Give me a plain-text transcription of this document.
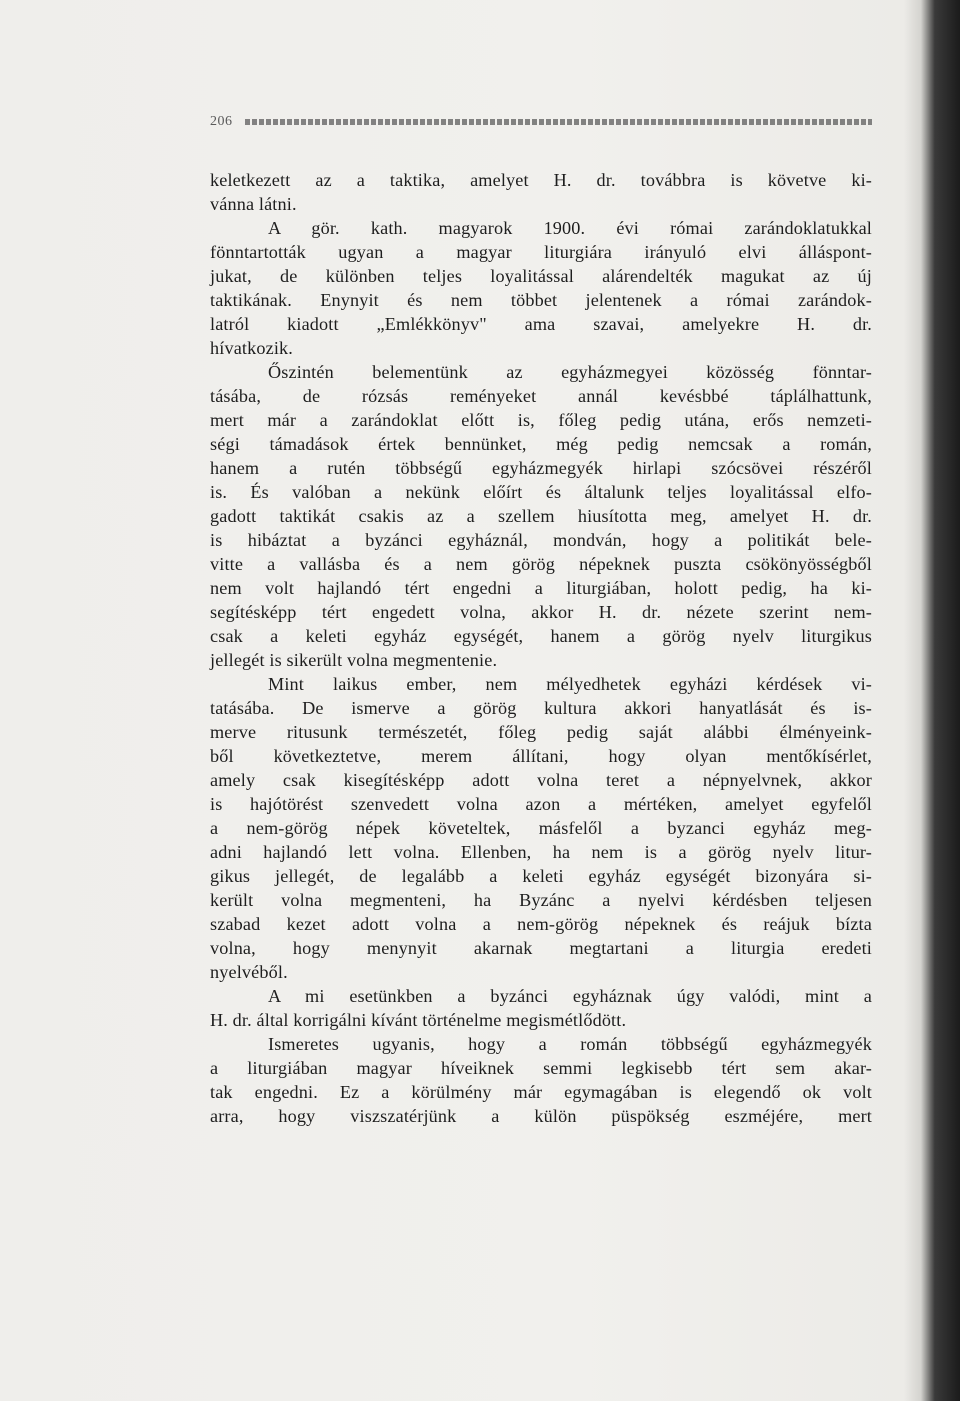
206
keletkezett az a taktika, amelyet H. dr. továbbra is követve ki-
vánna látni.
A gör. kath. magyarok 1900. évi római zarándoklatukkal
fönntartották ugyan a magyar liturgiára irányuló elvi álláspont-
jukat, de különben teljes loyalitással alárendelték magukat az új
taktikának. Enynyit és nem többet jelentenek a római zarándok-
latról kiadott „Emlékkönyv" ama szavai, amelyekre H. dr.
hívatkozik.
Őszintén belementünk az egyházmegyei közösség fönntar-
tásába, de rózsás reményeket annál kevésbbé táplálhattunk,
mert már a zarándoklat előtt is, főleg pedig utána, erős nemzeti-
ségi támadások értek bennünket, még pedig nemcsak a román,
hanem a rutén többségű egyházmegyék hirlapi szócsövei részéről
is. És valóban a nekünk előírt és általunk teljes loyalitással elfo-
gadott taktikát csakis az a szellem hiusította meg, amelyet H. dr.
is hibáztat a byzánci egyháznál, mondván, hogy a politikát bele-
vitte a vallásba és a nem görög népeknek puszta csökönyösségből
nem volt hajlandó tért engedni a liturgiában, holott pedig, ha ki-
segítésképp tért engedett volna, akkor H. dr. nézete szerint nem-
csak a keleti egyház egységét, hanem a görög nyelv liturgikus
jellegét is sikerült volna megmentenie.
Mint laikus ember, nem mélyedhetek egyházi kérdések vi-
tatásába. De ismerve a görög kultura akkori hanyatlását és is-
merve ritusunk természetét, főleg pedig saját alábbi élményeink-
ből következtetve, merem állítani, hogy olyan mentőkísérlet,
amely csak kisegítésképp adott volna teret a népnyelvnek, akkor
is hajótörést szenvedett volna azon a mértéken, amelyet egyfelől
a nem-görög népek követeltek, másfelől a byzanci egyház meg-
adni hajlandó lett volna. Ellenben, ha nem is a görög nyelv litur-
gikus jellegét, de legalább a keleti egyház egységét bizonyára si-
került volna megmenteni, ha Byzánc a nyelvi kérdésben teljesen
szabad kezet adott volna a nem-görög népeknek és reájuk bízta
volna, hogy menynyit akarnak megtartani a liturgia eredeti
nyelvéből.
A mi esetünkben a byzánci egyháznak úgy valódi, mint a
H. dr. által korrigálni kívánt történelme megismétlődött.
Ismeretes ugyanis, hogy a román többségű egyházmegyék
a liturgiában magyar híveiknek semmi legkisebb tért sem akar-
tak engedni. Ez a körülmény már egymagában is elegendő ok volt
arra, hogy viszszatérjünk a külön püspökség eszméjére, mert
